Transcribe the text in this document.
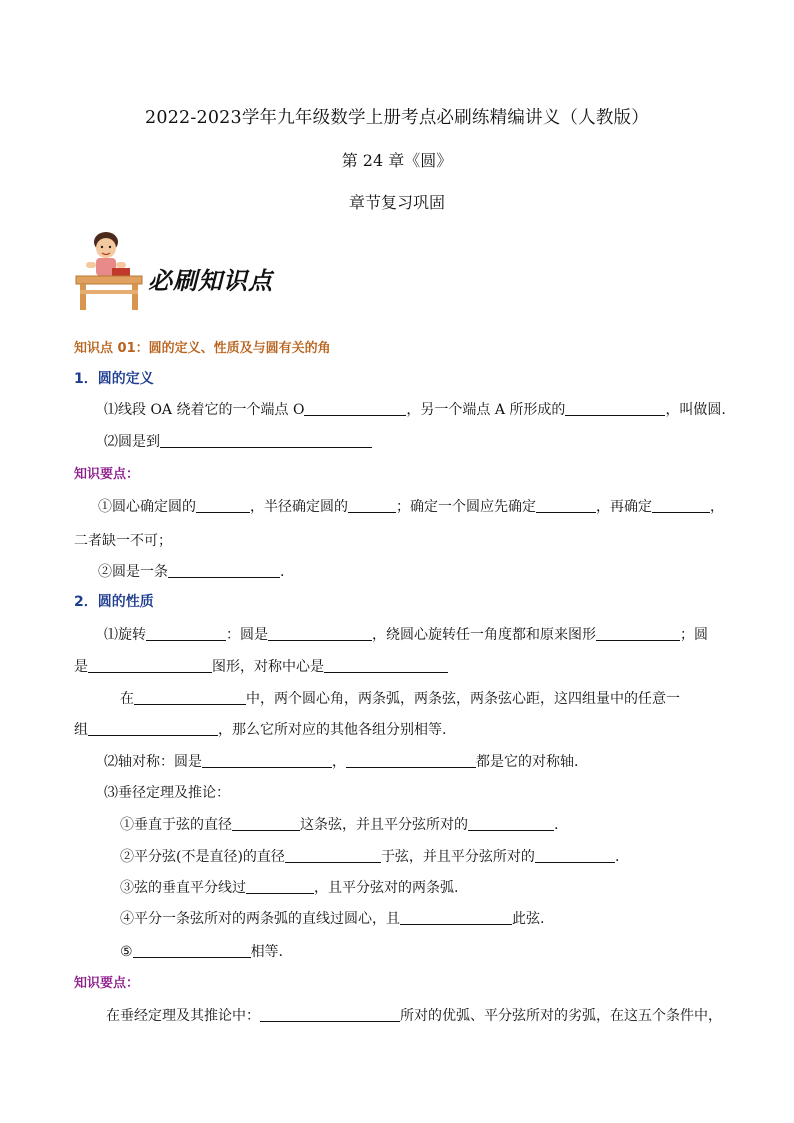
2022-2023学年九年级数学上册考点必刷练精编讲义（人教版）
第 24 章《圆》
章节复习巩固
必刷知识点
知识点 01：圆的定义、性质及与圆有关的角
1．圆的定义
⑴线段 OA 绕着它的一个端点 O	，另一个端点 A 所形成的	，叫做圆.
⑵圆是到
知识要点：
①圆心确定圆的	，半径确定圆的	；确定一个圆应先确定	，再确定	，
二者缺一不可；
②圆是一条	.
2．圆的性质
⑴旋转	：圆是	，绕圆心旋转任一角度都和原来图形	；圆
是	图形，对称中心是
在	中，两个圆心角，两条弧，两条弦，两条弦心距，这四组量中的任意一
组	，那么它所对应的其他各组分别相等.
⑵轴对称：圆是	，	都是它的对称轴.
⑶垂径定理及推论：
①垂直于弦的直径	这条弦，并且平分弦所对的	.
②平分弦(不是直径)的直径	于弦，并且平分弦所对的	.
③弦的垂直平分线过	，且平分弦对的两条弧.
④平分一条弦所对的两条弧的直线过圆心，且	此弦.
⑤	相等.
知识要点：
在垂经定理及其推论中：	所对的优弧、平分弦所对的劣弧，在这五个条件中，
